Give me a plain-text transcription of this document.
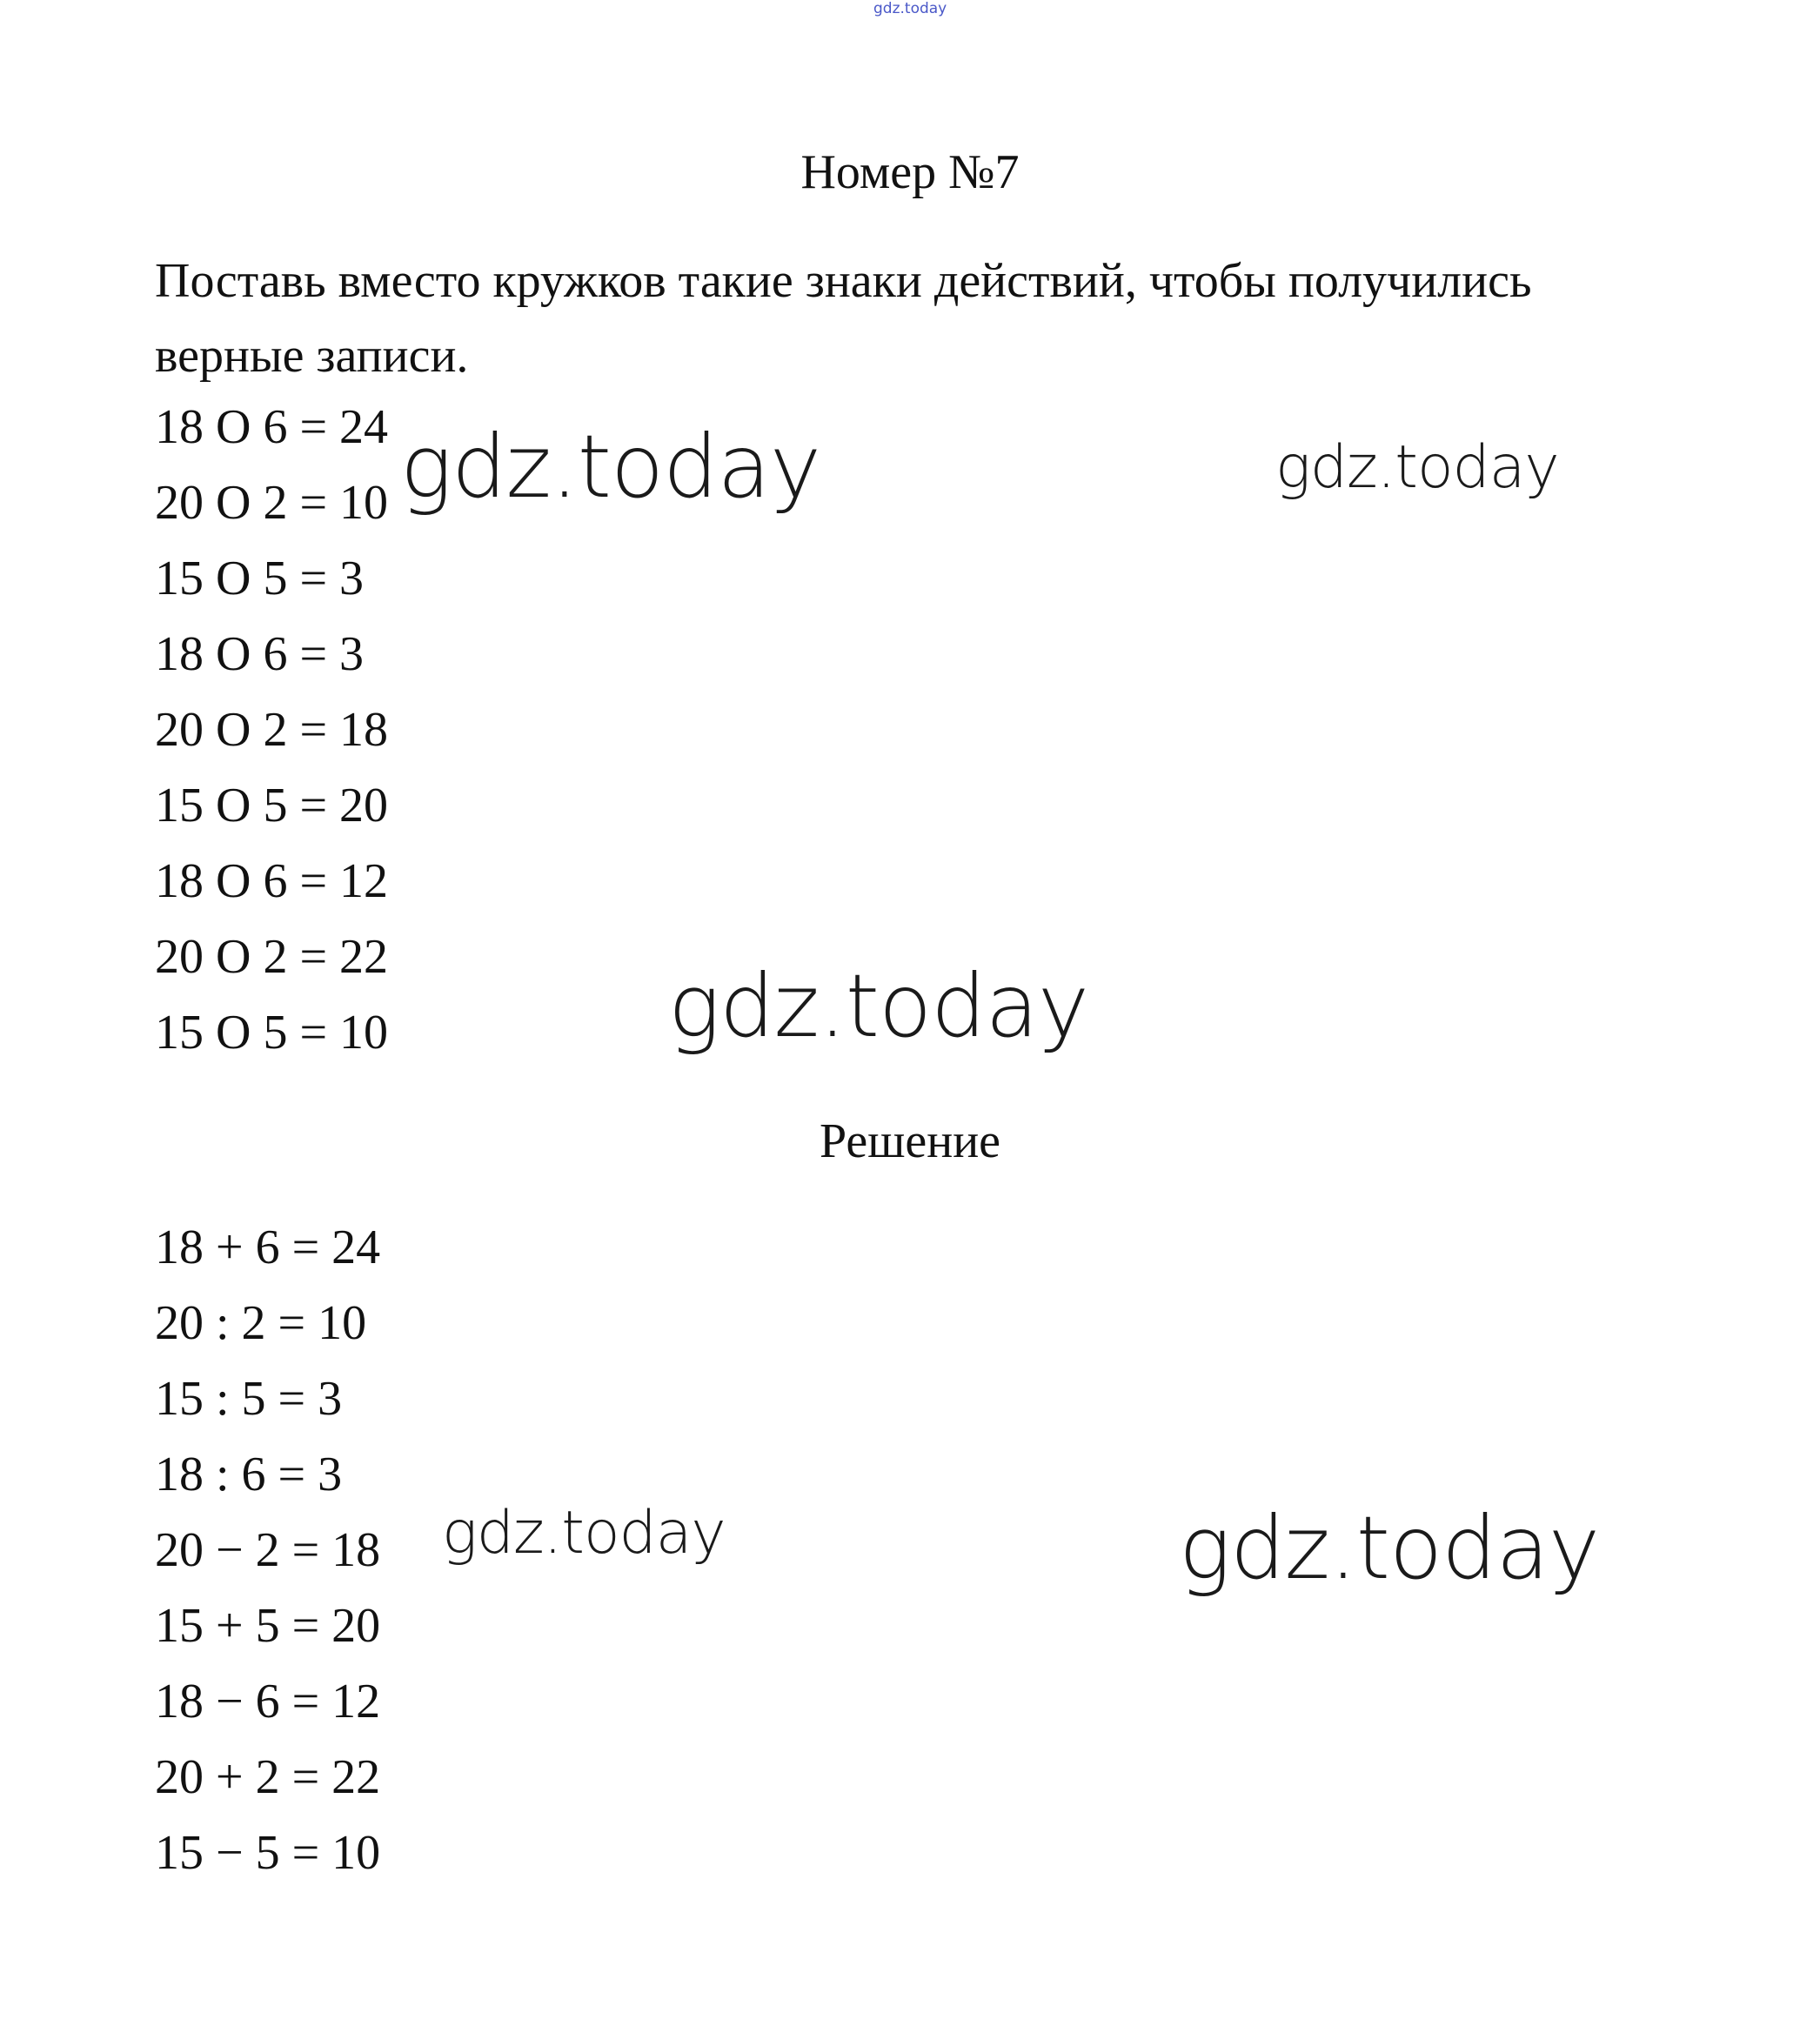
gdz.today
Номер №7
Поставь вместо кружков такие знаки действий, чтобы получились верные записи.
18 O 6 = 24
20 O 2 = 10
15 O 5 = 3
18 O 6 = 3
20 O 2 = 18
15 O 5 = 20
18 O 6 = 12
20 O 2 = 22
15 O 5 = 10
Решение
18 + 6 = 24
20 : 2 = 10
15 : 5 = 3
18 : 6 = 3
20 − 2 = 18
15 + 5 = 20
18 − 6 = 12
20 + 2 = 22
15 − 5 = 10
gdz.today	gdz.today
gdz.today
gdz.today	gdz.today
